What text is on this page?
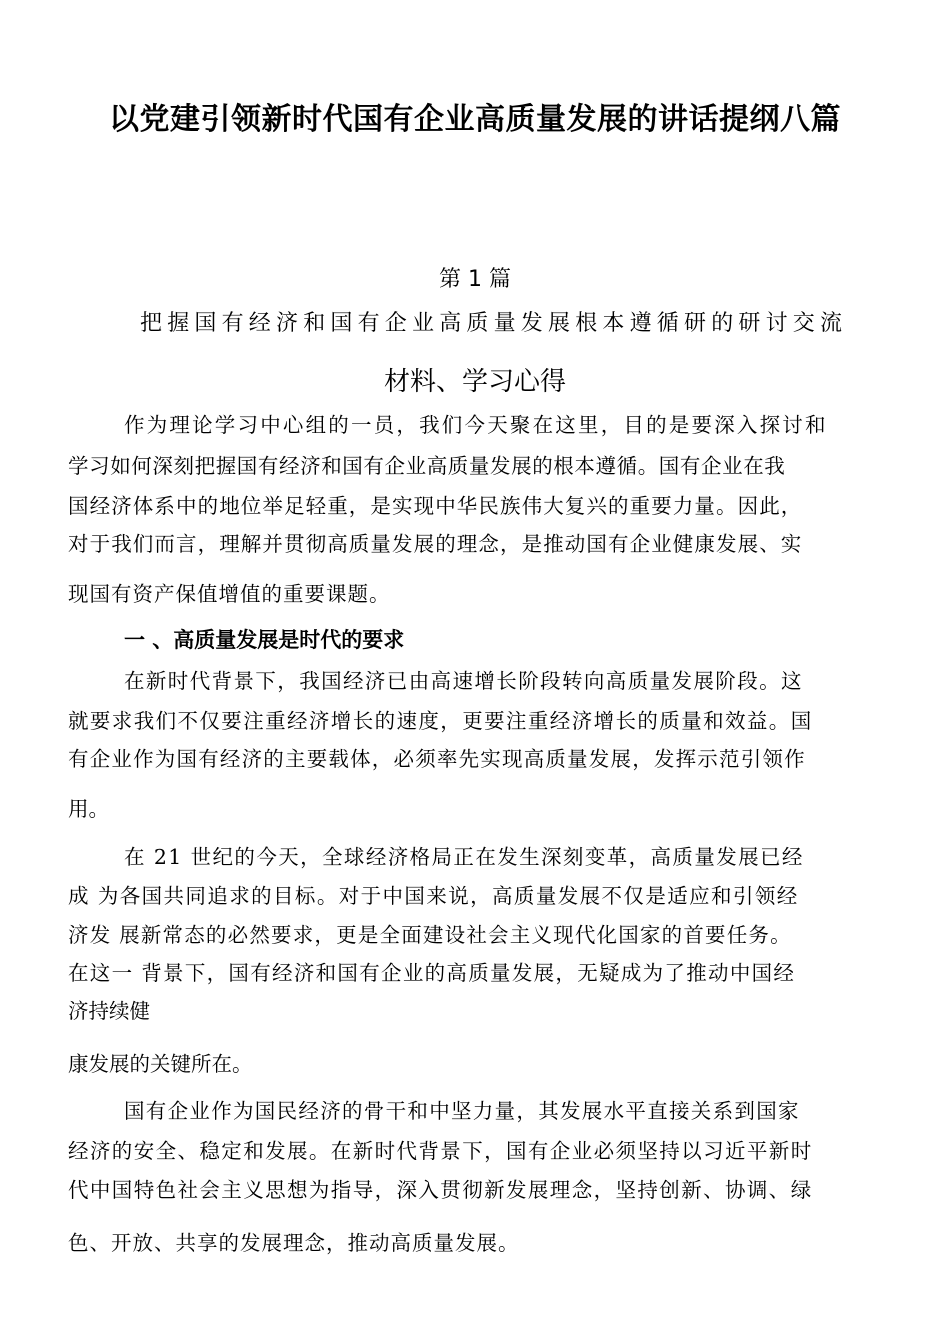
以党建引领新时代国有企业高质量发展的讲话提纲八篇
第 1 篇
把握国有经济和国有企业高质量发展根本遵循研的研讨交流
材料、学习心得
作为理论学习中心组的一员，我们今天聚在这里，目的是要深入探讨和
学习如何深刻把握国有经济和国有企业高质量发展的根本遵循。国有企业在我
国经济体系中的地位举足轻重，是实现中华民族伟大复兴的重要力量。因此，
对于我们而言，理解并贯彻高质量发展的理念，是推动国有企业健康发展、实
现国有资产保值增值的重要课题。
一 、高质量发展是时代的要求
在新时代背景下，我国经济已由高速增长阶段转向高质量发展阶段。这
就要求我们不仅要注重经济增长的速度，更要注重经济增长的质量和效益。国
有企业作为国有经济的主要载体，必须率先实现高质量发展，发挥示范引领作
用。
在 21 世纪的今天，全球经济格局正在发生深刻变革，高质量发展已经
成 为各国共同追求的目标。对于中国来说，高质量发展不仅是适应和引领经
济发 展新常态的必然要求，更是全面建设社会主义现代化国家的首要任务。
在这一 背景下，国有经济和国有企业的高质量发展，无疑成为了推动中国经
济持续健
康发展的关键所在。
国有企业作为国民经济的骨干和中坚力量，其发展水平直接关系到国家
经济的安全、稳定和发展。在新时代背景下，国有企业必须坚持以习近平新时
代中国特色社会主义思想为指导，深入贯彻新发展理念，坚持创新、协调、绿
色、开放、共享的发展理念，推动高质量发展。
